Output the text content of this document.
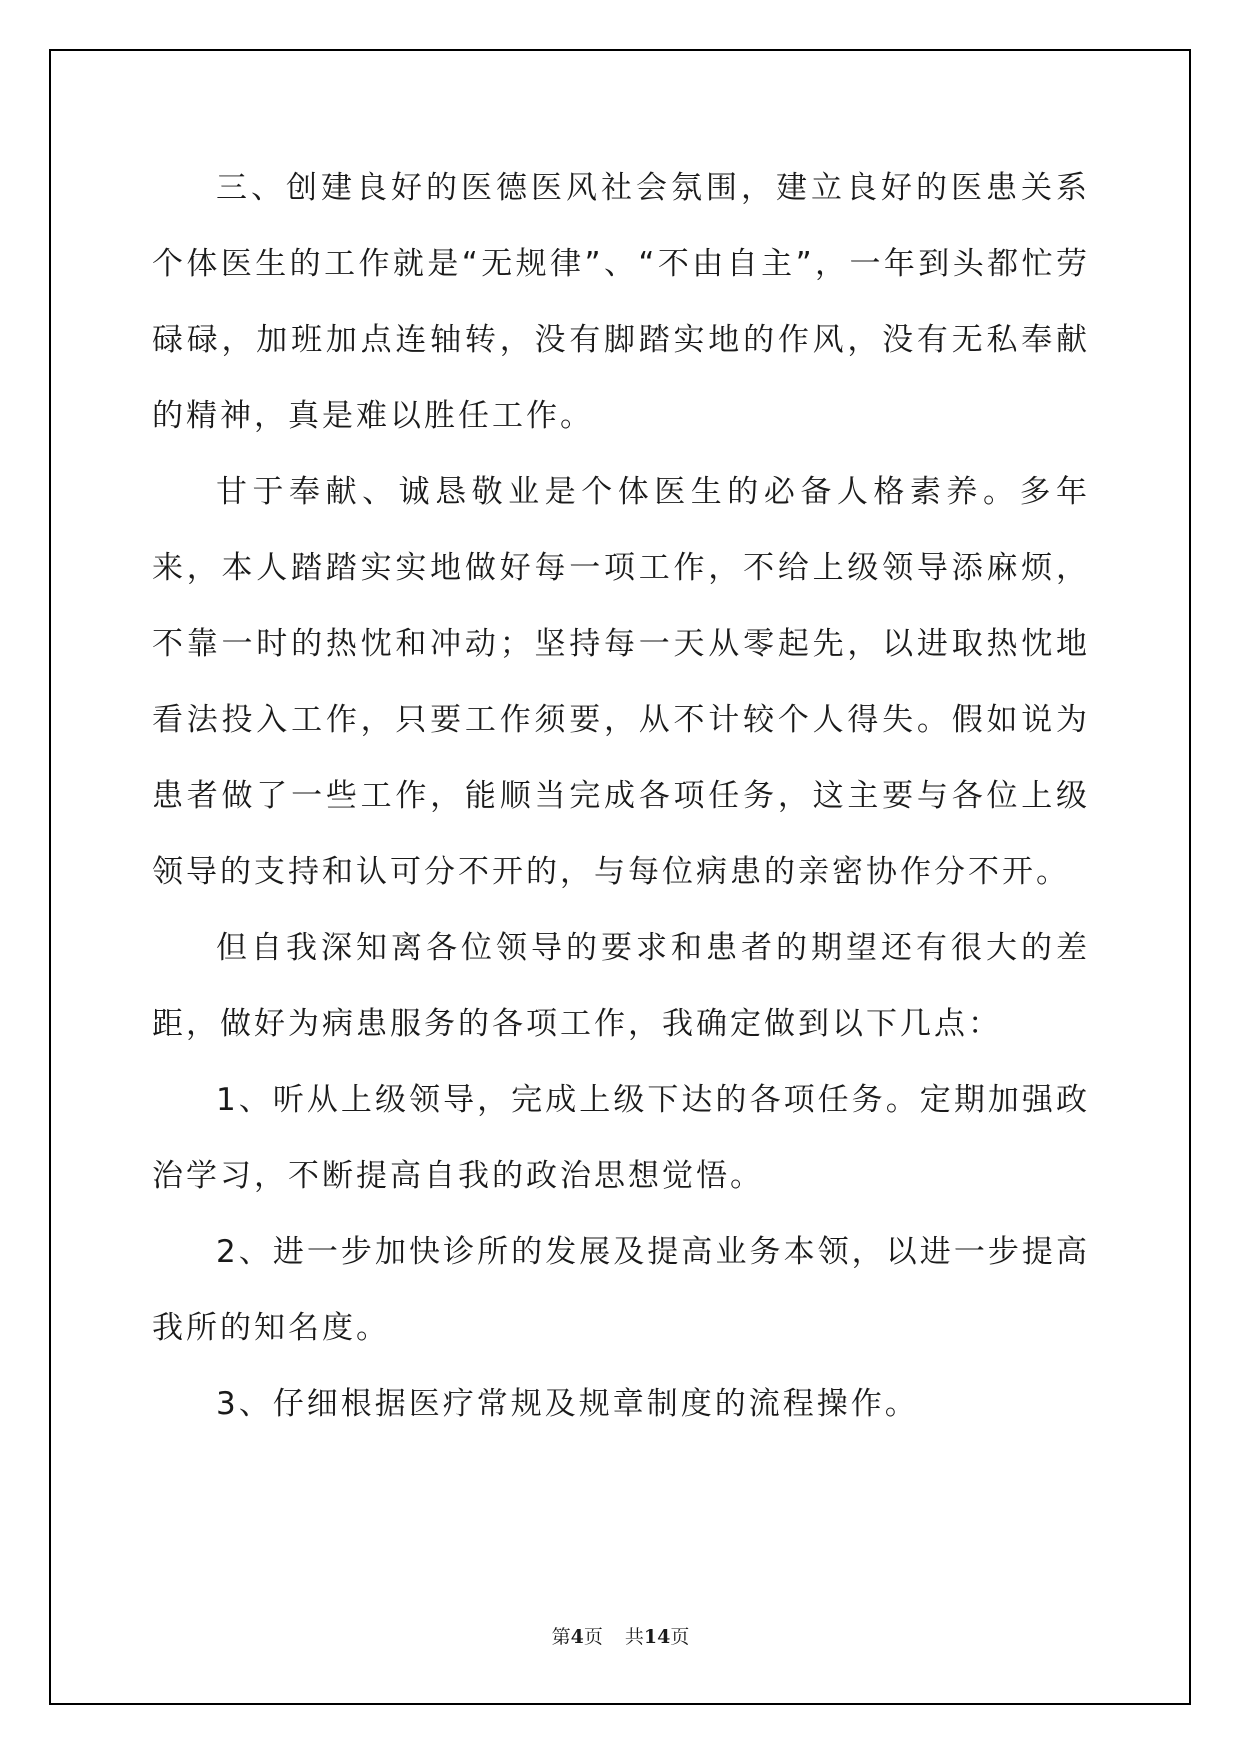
三、创建良好的医德医风社会氛围，建立良好的医患关系个体医生的工作就是“无规律”、“不由自主”，一年到头都忙劳碌碌，加班加点连轴转，没有脚踏实地的作风，没有无私奉献的精神，真是难以胜任工作。

甘于奉献、诚恳敬业是个体医生的必备人格素养。多年来，本人踏踏实实地做好每一项工作，不给上级领导添麻烦，不靠一时的热忱和冲动；坚持每一天从零起先，以进取热忱地看法投入工作，只要工作须要，从不计较个人得失。假如说为患者做了一些工作，能顺当完成各项任务，这主要与各位上级领导的支持和认可分不开的，与每位病患的亲密协作分不开。

但自我深知离各位领导的要求和患者的期望还有很大的差距，做好为病患服务的各项工作，我确定做到以下几点：

1、听从上级领导，完成上级下达的各项任务。定期加强政治学习，不断提高自我的政治思想觉悟。

2、进一步加快诊所的发展及提高业务本领，以进一步提高我所的知名度。

3、仔细根据医疗常规及规章制度的流程操作。

第4页 共14页
